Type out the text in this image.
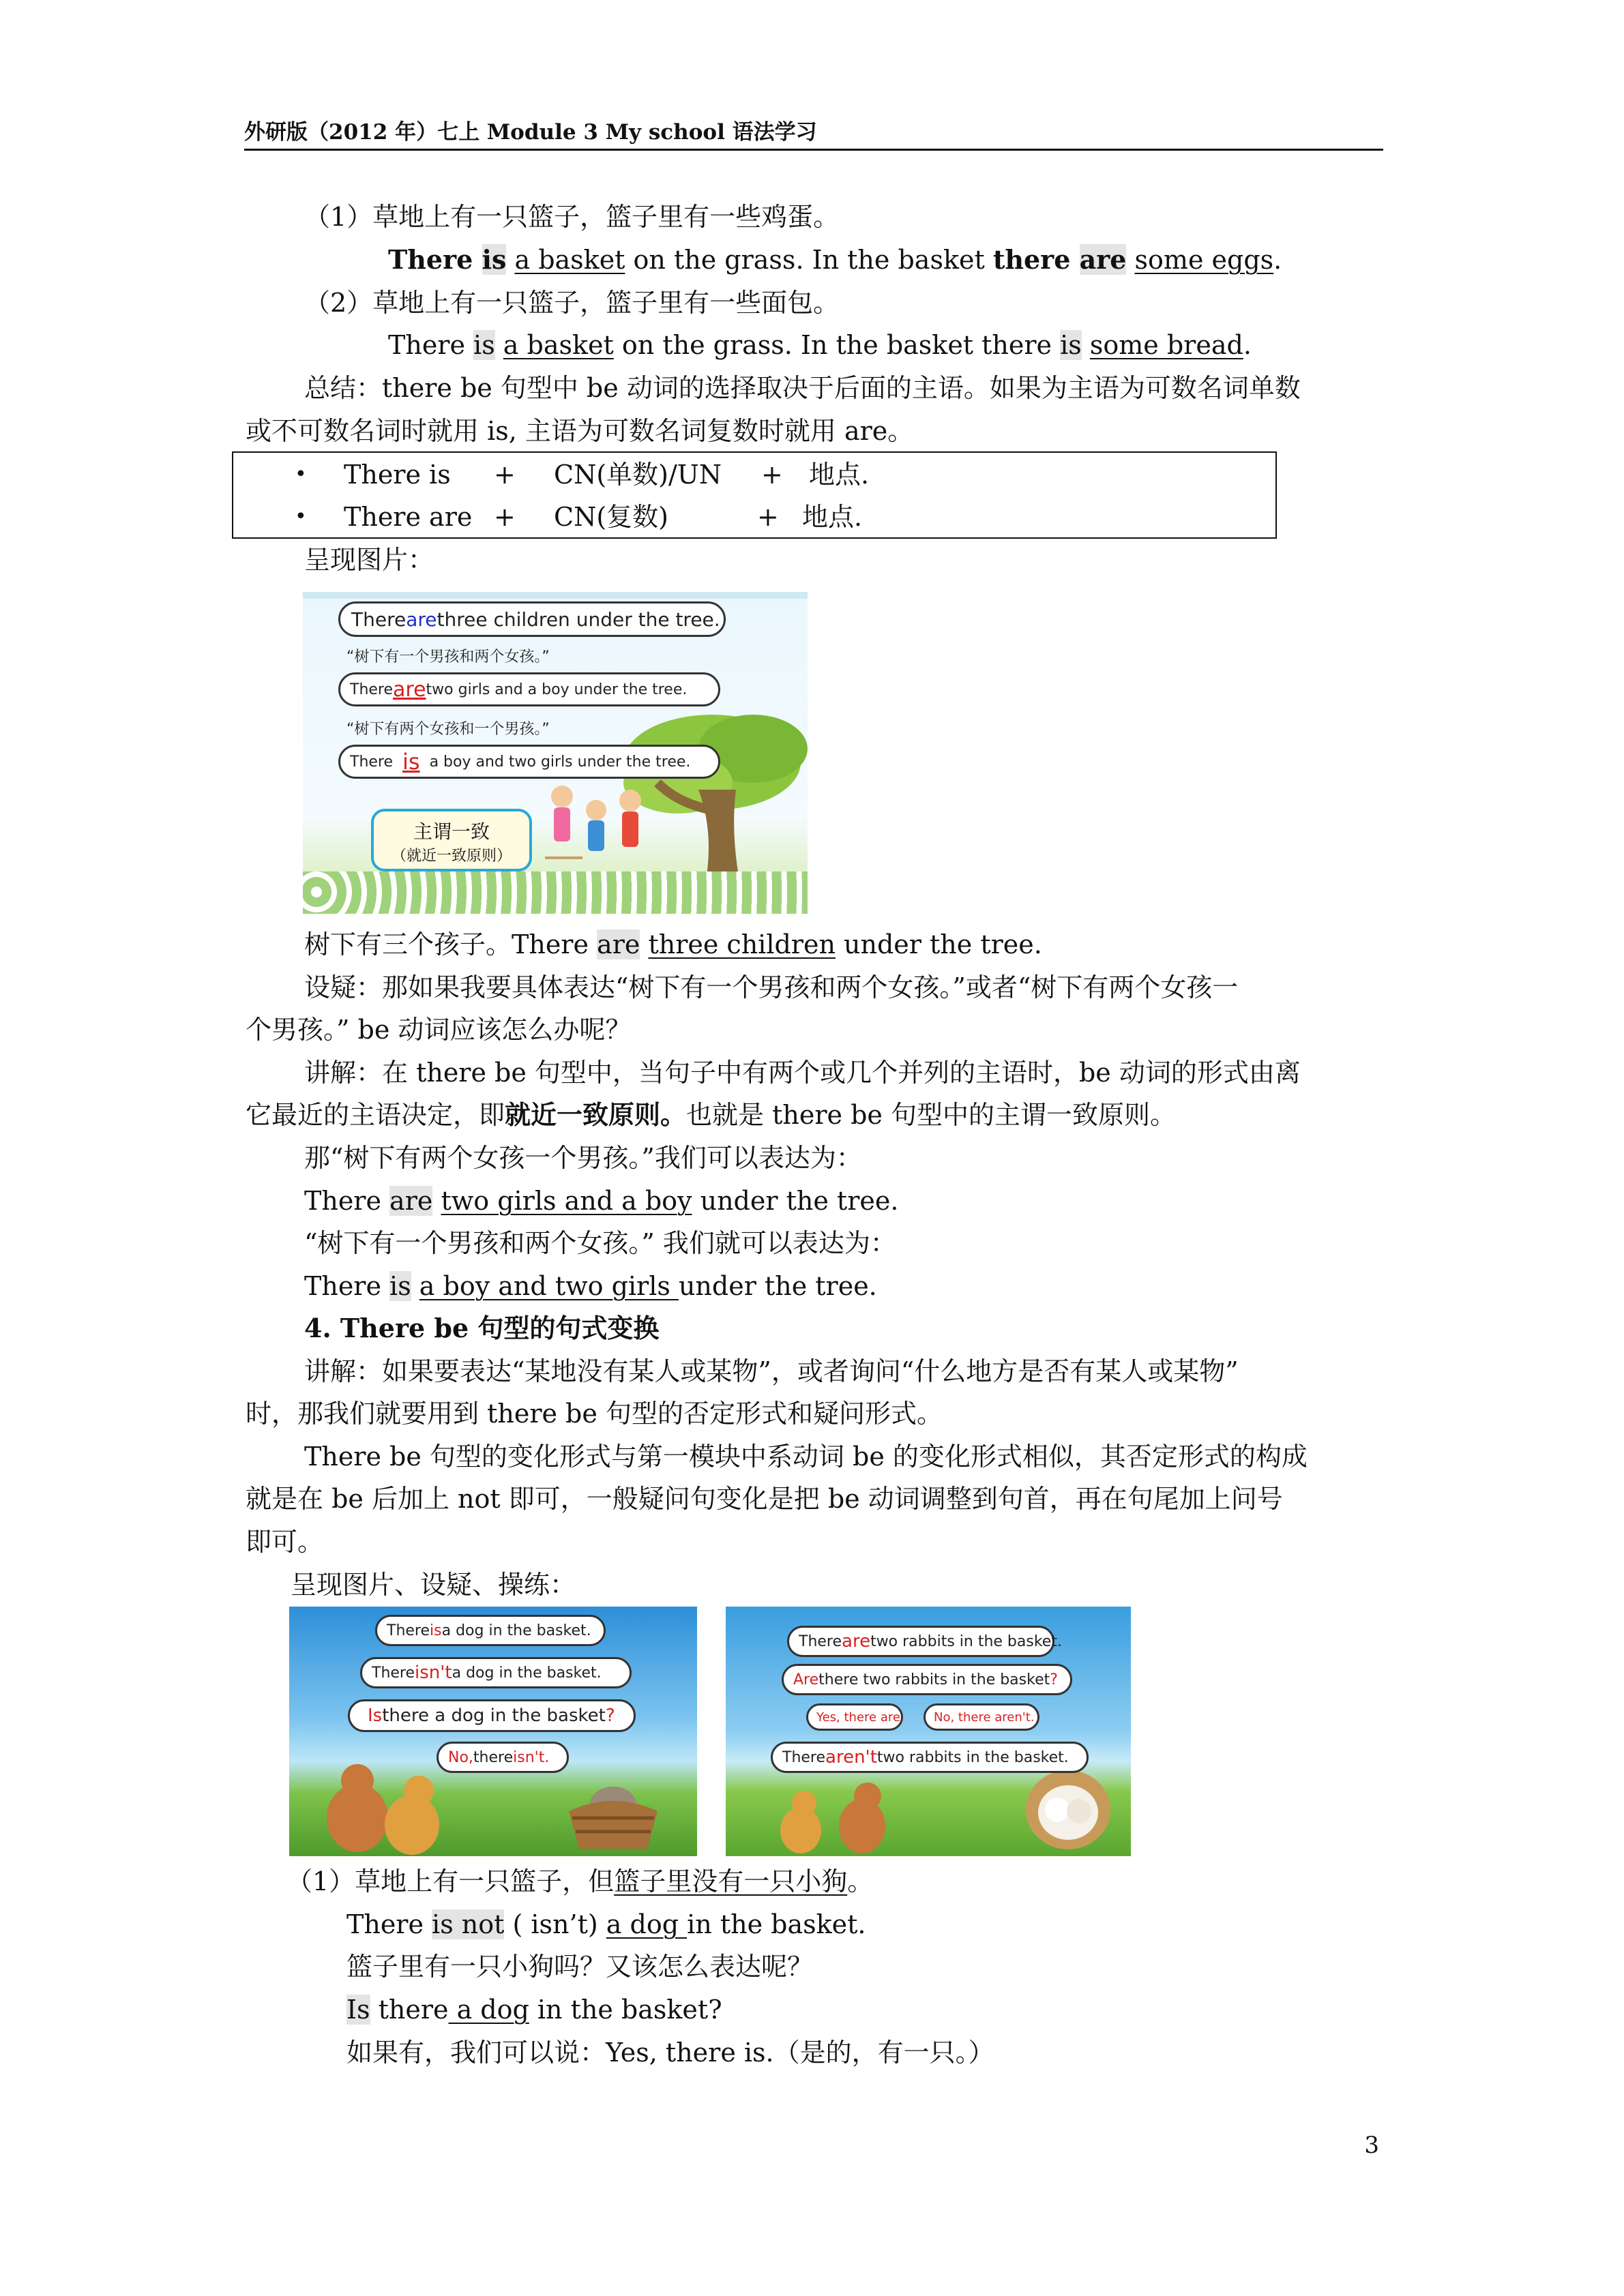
外研版（2012 年）七上 Module 3 My school 语法学习
（1）草地上有一只篮子，篮子里有一些鸡蛋。
There is a basket on the grass. In the basket there are some eggs.
（2）草地上有一只篮子，篮子里有一些面包。
There is a basket on the grass. In the basket there is some bread.
总结：there be 句型中 be 动词的选择取决于后面的主语。如果为主语为可数名词单数
或不可数名词时就用 is, 主语为可数名词复数时就用 are。
• There is + CN(单数)/UN + 地点.
• There are + CN(复数)	+ 地点.
呈现图片：
There are three children under the tree.
“树下有一个男孩和两个女孩。”
There are two girls and a boy under the tree.
“树下有两个女孩和一个男孩。”
There is a boy and two girls under the tree.
主谓一致
（就近一致原则）
树下有三个孩子。There are three children under the tree.
设疑：那如果我要具体表达“树下有一个男孩和两个女孩。”或者“树下有两个女孩一
个男孩。” be 动词应该怎么办呢？
讲解：在 there be 句型中，当句子中有两个或几个并列的主语时，be 动词的形式由离
它最近的主语决定，即就近一致原则。也就是 there be 句型中的主谓一致原则。
那“树下有两个女孩一个男孩。”我们可以表达为：
There are two girls and a boy under the tree.
“树下有一个男孩和两个女孩。” 我们就可以表达为：
There is a boy and two girls under the tree.
4. There be 句型的句式变换
讲解：如果要表达“某地没有某人或某物”，或者询问“什么地方是否有某人或某物”
时，那我们就要用到 there be 句型的否定形式和疑问形式。
There be 句型的变化形式与第一模块中系动词 be 的变化形式相似，其否定形式的构成
就是在 be 后加上 not 即可，一般疑问句变化是把 be 动词调整到句首，再在句尾加上问号
即可。
呈现图片、设疑、操练：
There is a dog in the basket.
There isn't a dog in the basket.
Is there a dog in the basket ?
No, there isn't.
There are two rabbits in the basket.
Are there two rabbits in the basket ?
Yes, there are. No, there aren't.
There aren't two rabbits in the basket.
（1）草地上有一只篮子，但篮子里没有一只小狗。
There is not ( isn’t) a dog in the basket.
篮子里有一只小狗吗？又该怎么表达呢？
Is there a dog in the basket?
如果有，我们可以说：Yes, there is.（是的，有一只。）
3
